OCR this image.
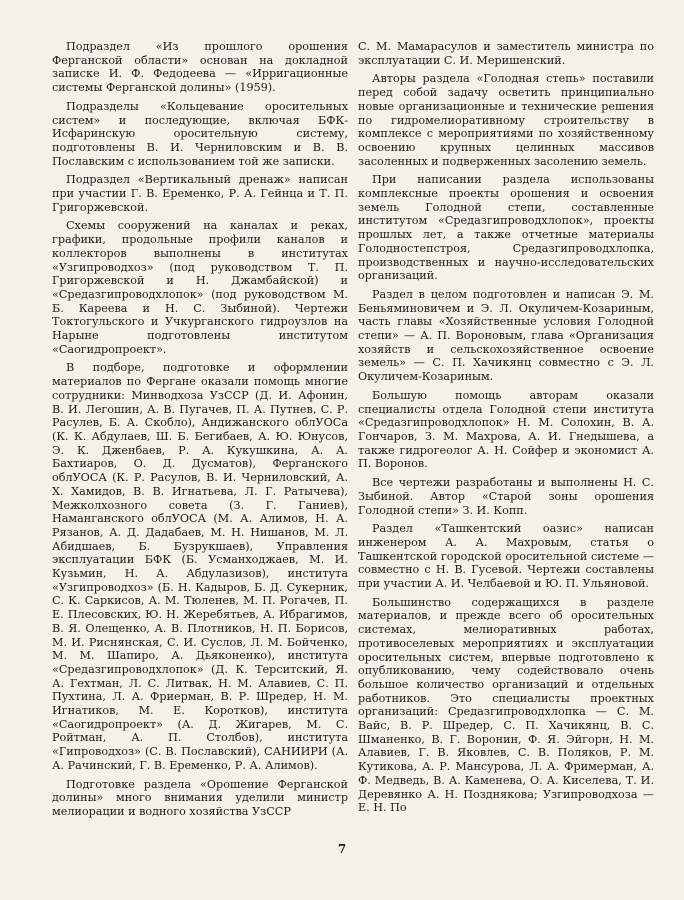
Подраздел «Из прошлого орошения Ферганской области» основан на докладной записке И. Ф. Федодеева — «Ирригационные системы Ферганской долины» (1959).

Подразделы «Кольцевание оросительных систем» и последующие, включая БФК-Исфаринскую оросительную систему, подготовлены В. И. Черниловским и В. В. Пославским с использованием той же записки.

Подраздел «Вертикальный дренаж» написан при участии Г. В. Еременко, Р. А. Гейнца и Т. П. Григоржевской.

Схемы сооружений на каналах и реках, графики, продольные профили каналов и коллекторов выполнены в институтах «Узгипроводхоз» (под руководством Т. П. Григоржевской и Н. Джамбайской) и «Средазгипроводхлопок» (под руководством М. Б. Кареева и Н. С. Зыбиной). Чертежи Токтогульского и Учкурганского гидроузлов на Нарыне подготовлены институтом «Саогидропроект».

В подборе, подготовке и оформлении материалов по Фергане оказали помощь многие сотрудники: Минводхоза УзССР (Д. И. Афонин, В. И. Легошин, А. В. Пугачев, П. А. Путнев, С. Р. Расулев, Б. А. Скобло), Андижанского облУОСа (К. К. Абдулаев, Ш. Б. Бегибаев, А. Ю. Юнусов, Э. К. Дженбаев, Р. А. Кукушкина, А. А. Бахтиаров, О. Д. Дусматов), Ферганского облУОСА (К. Р. Расулов, В. И. Черниловский, А. Х. Хамидов, В. В. Игнатьева, Л. Г. Ратычева), Межколхозного совета (З. Г. Ганиев), Наманганского облУОСА (М. А. Алимов, Н. А. Рязанов, А. Д. Дадабаев, М. Н. Нишанов, М. Л. Абидшаев, Б. Бузрукшаев), Управления эксплуатации БФК (Б. Усманходжаев, М. И. Кузьмин, Н. А. Абдулазизов), института «Узгипроводхоз» (Б. Н. Кадыров, Б. Д. Сукерник, С. К. Саркисов, А. М. Тюленев, М. П. Рогачев, П. Е. Плесовских, Ю. Н. Жеребятьев, А. Ибрагимов, В. Я. Олещенко, А. В. Плотников, Н. П. Борисов, М. И. Риснянская, С. И. Суслов, Л. М. Бойченко, М. М. Шапиро, А. Дьяконенко), института «Средазгипроводхлопок» (Д. К. Терситский, Я. А. Гехтман, Л. С. Литвак, Н. М. Алавиев, С. П. Пухтина, Л. А. Фриерман, В. Р. Шредер, Н. М. Игнатиков, М. Е. Коротков), института «Саогидропроект» (А. Д. Жигарев, М. С. Ройтман, А. П. Столбов), института «Гипроводхоз» (С. В. Пославский), САНИИРИ (А. А. Рачинский, Г. В. Еременко, Р. А. Алимов).

Подготовке раздела «Орошение Ферганской долины» много внимания уделили министр мелиорации и водного хозяйства УзССР

С. М. Мамарасулов и заместитель министра по эксплуатации С. И. Меришенский.

Авторы раздела «Голодная степь» поставили перед собой задачу осветить принципиально новые организационные и технические решения по гидромелиоративному строительству в комплексе с мероприятиями по хозяйственному освоению крупных целинных массивов засоленных и подверженных засолению земель.

При написании раздела использованы комплексные проекты орошения и освоения земель Голодной степи, составленные институтом «Средазгипроводхлопок», проекты прошлых лет, а также отчетные материалы Голодностепстроя, Средазгипроводхлопка, производственных и научно-исследовательских организаций.

Раздел в целом подготовлен и написан Э. М. Беньяминовичем и Э. Л. Окуличем-Козариным, часть главы «Хозяйственные условия Голодной степи» — А. П. Вороновым, глава «Организация хозяйств и сельскохозяйственное освоение земель» — С. П. Хачикянц совместно с Э. Л. Окуличем-Козариным.

Большую помощь авторам оказали специалисты отдела Голодной степи института «Средазгипроводхлопок» Н. М. Солохин, В. А. Гончаров, З. М. Махрова, А. И. Гнедышева, а также гидрогеолог А. Н. Сойфер и экономист А. П. Воронов.

Все чертежи разработаны и выполнены Н. С. Зыбиной. Автор «Старой зоны орошения Голодной степи» З. И. Копп.

Раздел «Ташкентский оазис» написан инженером А. А. Махровым, статья о Ташкентской городской оросительной системе — совместно с Н. В. Гусевой. Чертежи составлены при участии А. И. Челбаевой и Ю. П. Ульяновой.

Большинство содержащихся в разделе материалов, и прежде всего об оросительных системах, мелиоративных работах, противоселевых мероприятиях и эксплуатации оросительных систем, впервые подготовлено к опубликованию, чему содействовало очень большое количество организаций и отдельных работников. Это специалисты проектных организаций: Средазгипроводхлопка — С. М. Вайс, В. Р. Шредер, С. П. Хачикянц, В. С. Шманенко, В. Г. Воронин, Ф. Я. Эйгорн, Н. М. Алавиев, Г. В. Яковлев, С. В. Поляков, Р. М. Кутикова, А. Р. Мансурова, Л. А. Фримерман, А. Ф. Медведь, В. А. Каменева, О. А. Киселева, Т. И. Деревянко А. Н. Позднякова; Узгипроводхоза — Е. Н. По

7
